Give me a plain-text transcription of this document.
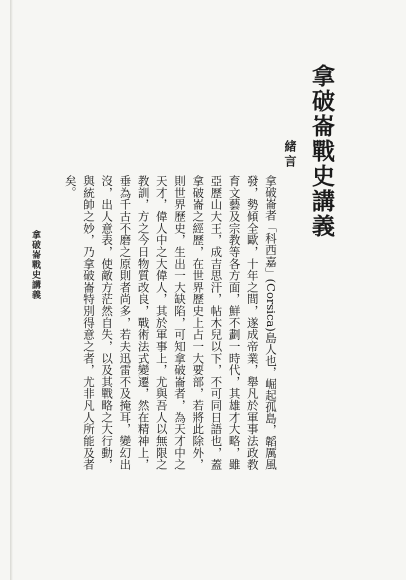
拿破崙戰史講義
緒言

拿破崙者「科西嘉」(Corsica)島人也，崛起孤島，韜厲風發，勢傾全歐，十年之間，遂成帝業，舉凡於軍事法政教育文藝及宗教等各方面，鮮不劃一時代，其雄才大略，雖亞歷山大王，成吉思汗，帖木兒以下，不可同日語也，蓋拿破崙之經歷，在世界歷史上占一大要部，若將此除外，則世界歷史，生出一大缺陷，可知拿破崙者，為天才中之天才，偉人中之大偉人，其於軍事上，尤與吾人以無限之教訓，方之今日物質改良，戰術法式變遷，然在精神上，垂為千古不磨之原則者尚多，若夫迅雷不及掩耳，變幻出沒，出人意表，使敵方茫然自失，以及其戰略之大行動，與統帥之妙，乃拿破崙特別得意之者，尤非凡人所能及者矣。

拿破崙戰史講義
